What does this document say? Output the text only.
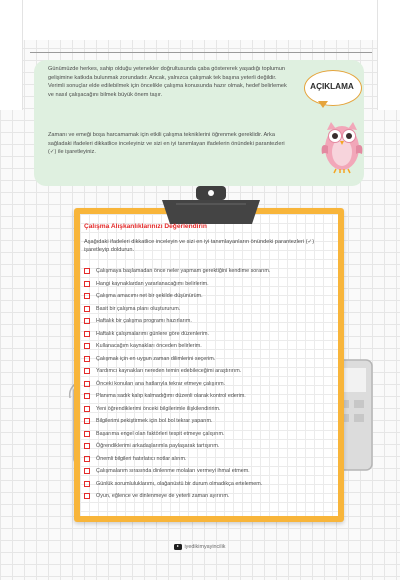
Günümüzde herkes, sahip olduğu yetenekler doğrultusunda çaba göstererek yaşadığı toplumun gelişimine katkıda bulunmak zorundadır. Ancak, yalnızca çalışmak tek başına yeterli değildir. Verimli sonuçlar elde edilebilmek için öncelikle çalışma konusunda hazır olmak, hedef belirlemek ve nasıl çalışacağını bilmek büyük önem taşır.
Zamanı ve emeği boşa harcamamak için etkili çalışma tekniklerini öğrenmek gereklidir. Arka sağladaki ifadeleri dikkatlice inceleyiniz ve sizi en iyi tanımlayan ifadelerin önündeki parantezleri (✓) ile işaretleyiniz.
AÇIKLAMA
Çalışma Alışkanlıklarınızı Değerlendirin
Aşağıdaki ifadeleri dikkatlice inceleyin ve sizi en iyi tanımlayanların önündeki parantezleri (✓) işaretleyip doldurun.
Çalışmaya başlamadan önce neler yapmam gerektiğini kendime sorarım.
Hangi kaynaklardan yararlanacağımı belirlerim.
Çalışma amacımı net bir şekilde düşünürüm.
Basit bir çalışma planı oluştururum.
Haftalık bir çalışma programı hazırlarım.
Haftalık çalışmalarımı günlere göre düzenlerim.
Kullanacağım kaynakları önceden belirlerim.
Çalışmak için en uygun zaman dilimlerini seçerim.
Yardımcı kaynakları nereden temin edebileceğimi araştırırım.
Önceki konuları ana hatlarıyla tekrar etmeye çalışırım.
Planıma sadık kalıp kalmadığımı düzenli olarak kontrol ederim.
Yeni öğrendiklerimi önceki bilgilerimle ilişkilendiririm.
Bilgilerimi pekiştirmek için bol bol tekrar yaparım.
Başarıma engel olan faktörleri tespit etmeye çalışırım.
Öğrendiklerimi arkadaşlarımla paylaşarak tartışırım.
Önemli bilgileri hatırlatıcı notlar alırım.
Çalışmalarım sırasında dinlenme molaları vermeyi ihmal etmem.
Günlük sorumluluklarımı, olağanüstü bir durum olmadıkça ertelemem.
Oyun, eğlence ve dinlenmeye de yeterli zaman ayırırım.
iyedikimyayincilik
